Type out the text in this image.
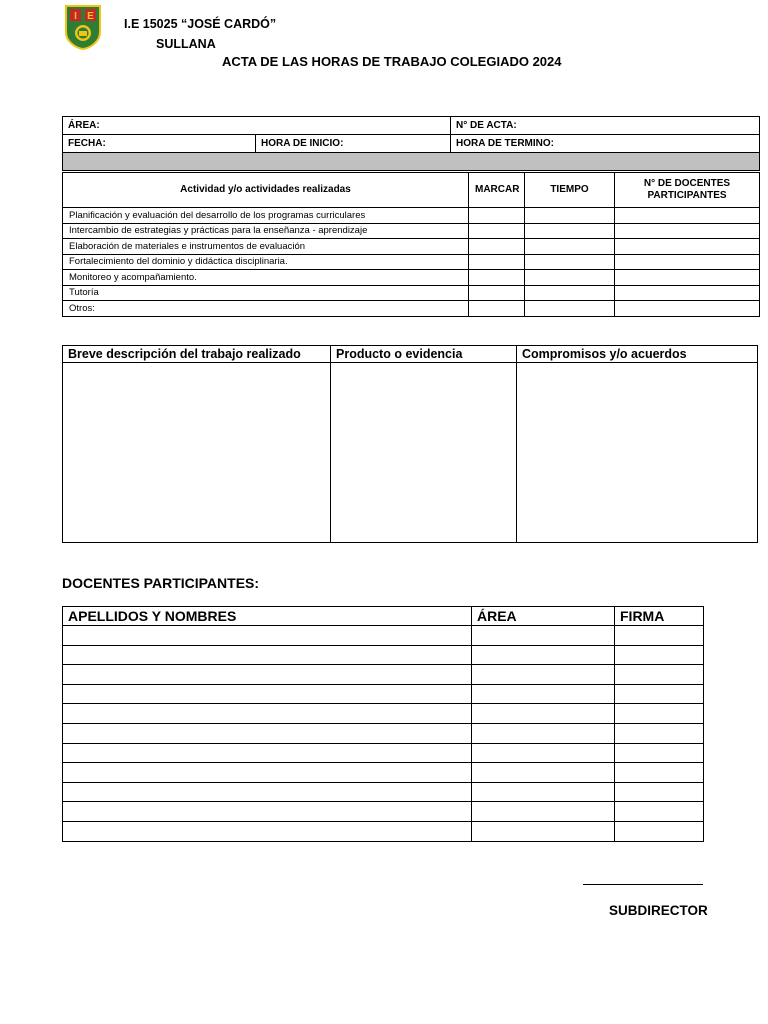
I E
I.E 15025 “JOSÉ CARDÓ”
SULLANA
ACTA DE LAS HORAS DE TRABAJO COLEGIADO 2024
ÁREA:		N° DE ACTA:
FECHA:	HORA DE INICIO:	HORA DE TERMINO:

Actividad y/o actividades realizadas	MARCAR	TIEMPO	N° DE DOCENTES PARTICIPANTES
Planificación y evaluación del desarrollo de los programas curriculares			
Intercambio de estrategias y prácticas para la enseñanza - aprendizaje			
Elaboración de materiales e instrumentos de evaluación			
Fortalecimiento del dominio y didáctica disciplinaria.			
Monitoreo y acompañamiento.			
Tutoría			
Otros:			
Breve descripción del trabajo realizado	Producto o evidencia	Compromisos y/o acuerdos

DOCENTES PARTICIPANTES:
APELLIDOS Y NOMBRES	ÁREA	FIRMA

SUBDIRECTOR
